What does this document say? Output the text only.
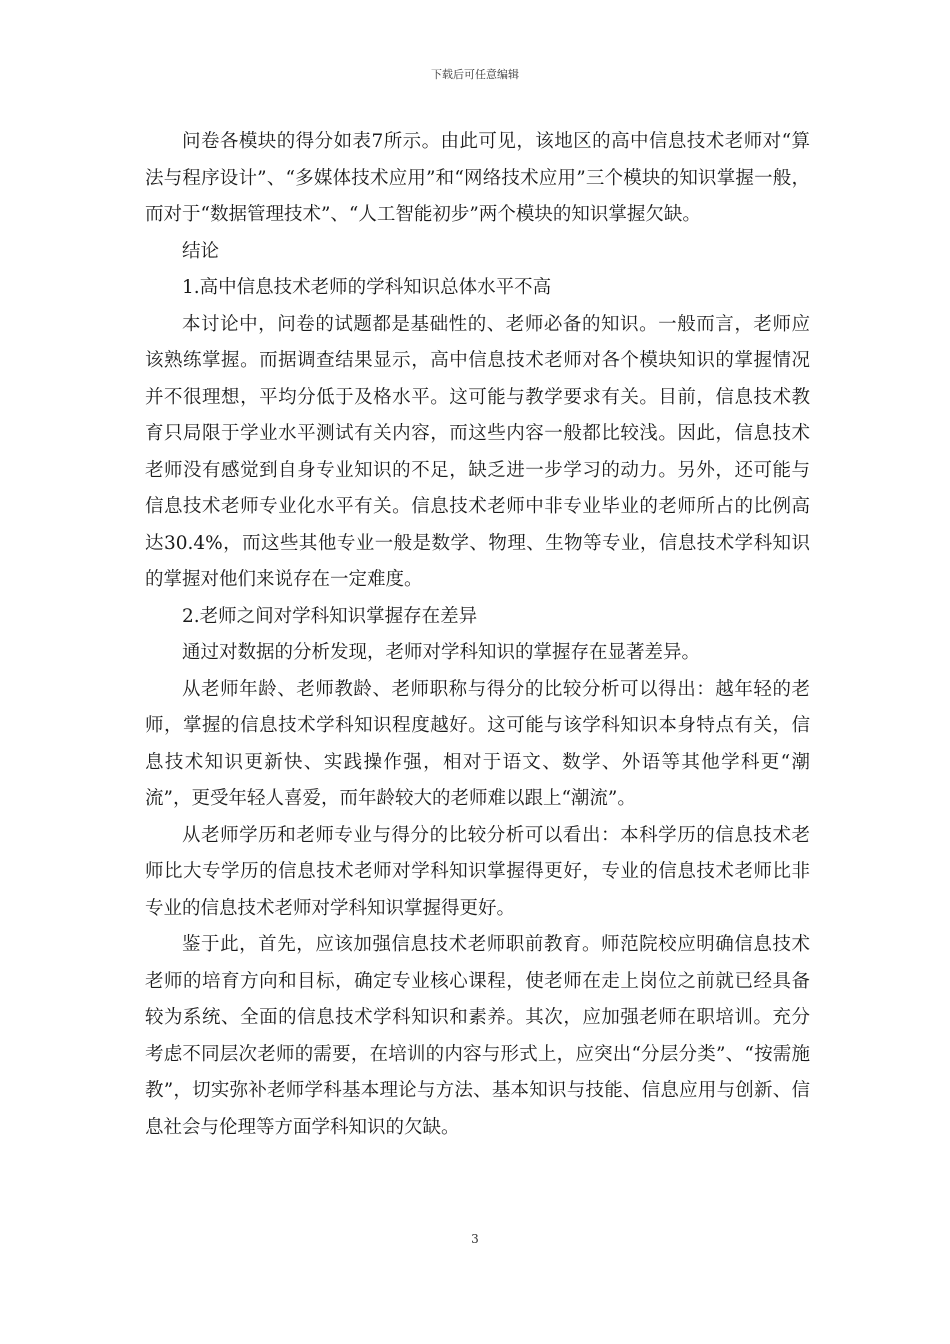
下载后可任意编辑

问卷各模块的得分如表7所示。由此可见，该地区的高中信息技术老师对“算法与程序设计”、“多媒体技术应用”和“网络技术应用”三个模块的知识掌握一般，而对于“数据管理技术”、“人工智能初步”两个模块的知识掌握欠缺。

结论

1.高中信息技术老师的学科知识总体水平不高

本讨论中，问卷的试题都是基础性的、老师必备的知识。一般而言，老师应该熟练掌握。而据调查结果显示，高中信息技术老师对各个模块知识的掌握情况并不很理想，平均分低于及格水平。这可能与教学要求有关。目前，信息技术教育只局限于学业水平测试有关内容，而这些内容一般都比较浅。因此，信息技术老师没有感觉到自身专业知识的不足，缺乏进一步学习的动力。另外，还可能与信息技术老师专业化水平有关。信息技术老师中非专业毕业的老师所占的比例高达30.4%，而这些其他专业一般是数学、物理、生物等专业，信息技术学科知识的掌握对他们来说存在一定难度。

2.老师之间对学科知识掌握存在差异

通过对数据的分析发现，老师对学科知识的掌握存在显著差异。

从老师年龄、老师教龄、老师职称与得分的比较分析可以得出：越年轻的老师，掌握的信息技术学科知识程度越好。这可能与该学科知识本身特点有关，信息技术知识更新快、实践操作强，相对于语文、数学、外语等其他学科更“潮流”，更受年轻人喜爱，而年龄较大的老师难以跟上“潮流”。

从老师学历和老师专业与得分的比较分析可以看出：本科学历的信息技术老师比大专学历的信息技术老师对学科知识掌握得更好，专业的信息技术老师比非专业的信息技术老师对学科知识掌握得更好。

鉴于此，首先，应该加强信息技术老师职前教育。师范院校应明确信息技术老师的培育方向和目标，确定专业核心课程，使老师在走上岗位之前就已经具备较为系统、全面的信息技术学科知识和素养。其次，应加强老师在职培训。充分考虑不同层次老师的需要，在培训的内容与形式上，应突出“分层分类”、“按需施教”，切实弥补老师学科基本理论与方法、基本知识与技能、信息应用与创新、信息社会与伦理等方面学科知识的欠缺。

3
